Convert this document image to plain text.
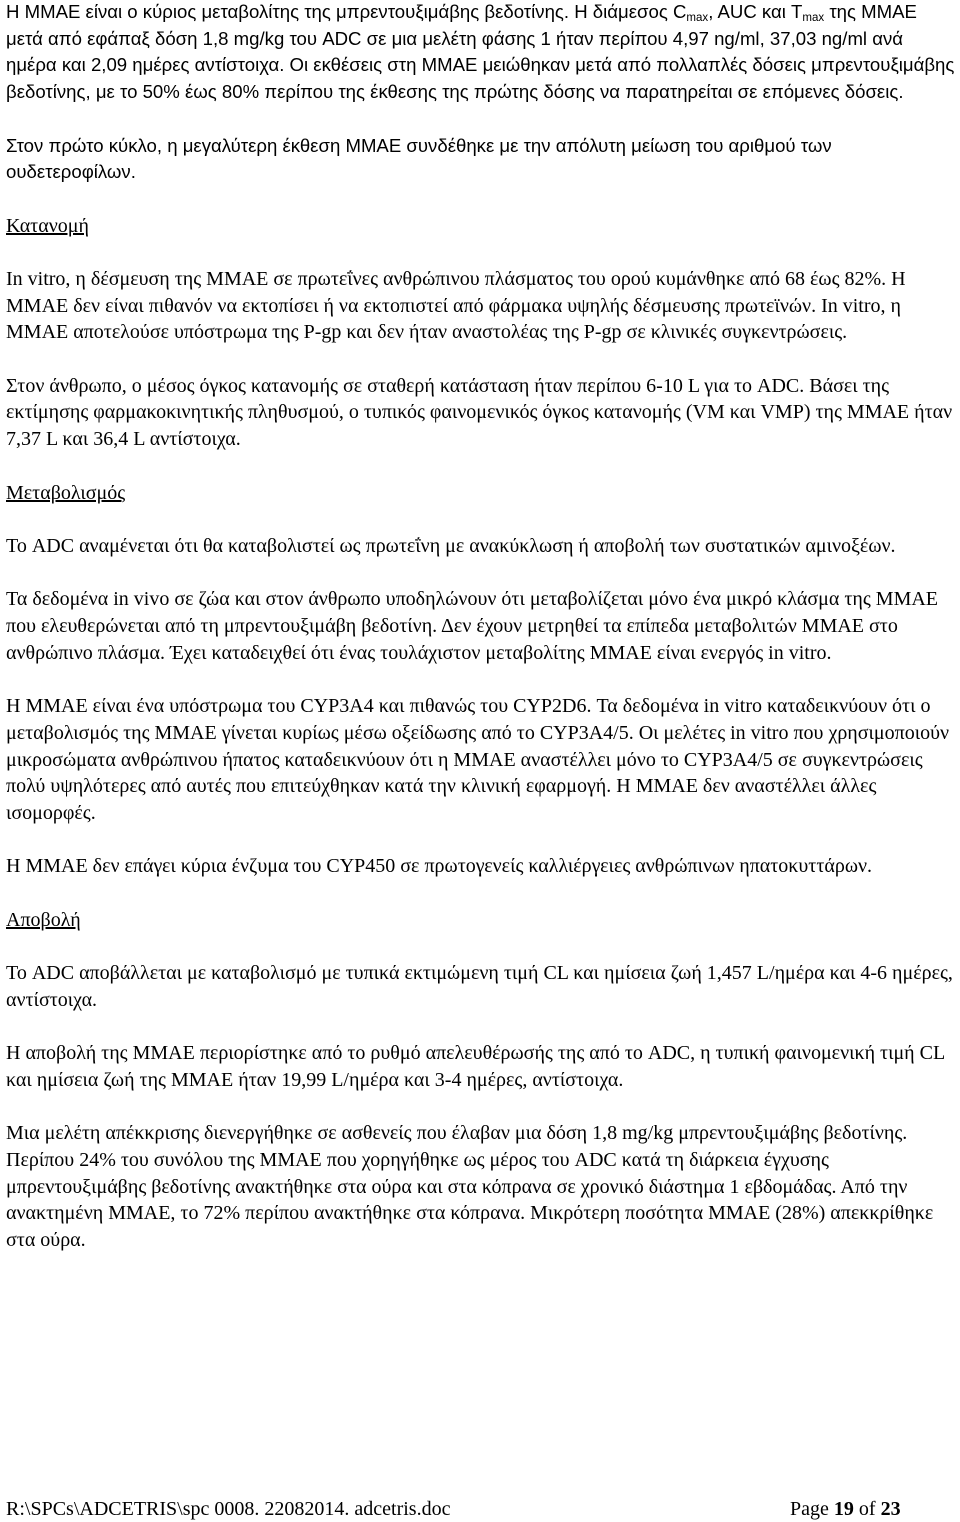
Η MMAE είναι ο κύριος μεταβολίτης της μπρεντουξιμάβης βεδοτίνης. Η διάμεσος $C_{max}$, AUC και $T_{max}$ της MMAE μετά από εφάπαξ δόση 1,8 mg/kg του ADC σε μια μελέτη φάσης 1 ήταν περίπου 4,97 ng/ml, 37,03 ng/ml ανά ημέρα και 2,09 ημέρες αντίστοιχα. Οι εκθέσεις στη MMAE μειώθηκαν μετά από πολλαπλές δόσεις μπρεντουξιμάβης βεδοτίνης, με το 50% έως 80% περίπου της έκθεσης της πρώτης δόσης να παρατηρείται σε επόμενες δόσεις.

Στον πρώτο κύκλο, η μεγαλύτερη έκθεση MMAE συνδέθηκε με την απόλυτη μείωση του αριθμού των ουδετεροφίλων.

Κατανομή

In vitro, η δέσμευση της MMAE σε πρωτεΐνες ανθρώπινου πλάσματος του ορού κυμάνθηκε από 68 έως 82%. Η MMAE δεν είναι πιθανόν να εκτοπίσει ή να εκτοπιστεί από φάρμακα υψηλής δέσμευσης πρωτεϊνών. In vitro, η MMAE αποτελούσε υπόστρωμα της P-gp και δεν ήταν αναστολέας της P-gp σε κλινικές συγκεντρώσεις.

Στον άνθρωπο, ο μέσος όγκος κατανομής σε σταθερή κατάσταση ήταν περίπου 6-10 L για το ADC. Βάσει της εκτίμησης φαρμακοκινητικής πληθυσμού, ο τυπικός φαινομενικός όγκος κατανομής (VM και VMP) της MMAE ήταν 7,37 L και 36,4 L αντίστοιχα.

Μεταβολισμός

Το ADC αναμένεται ότι θα καταβολιστεί ως πρωτεΐνη με ανακύκλωση ή αποβολή των συστατικών αμινοξέων.

Τα δεδομένα in vivo σε ζώα και στον άνθρωπο υποδηλώνουν ότι μεταβολίζεται μόνο ένα μικρό κλάσμα της MMAE που ελευθερώνεται από τη μπρεντουξιμάβη βεδοτίνη. Δεν έχουν μετρηθεί τα επίπεδα μεταβολιτών MMAE στο ανθρώπινο πλάσμα. Έχει καταδειχθεί ότι ένας τουλάχιστον μεταβολίτης MMAE είναι ενεργός in vitro.

Η MMAE είναι ένα υπόστρωμα του CYP3A4 και πιθανώς του CYP2D6. Τα δεδομένα in vitro καταδεικνύουν ότι ο μεταβολισμός της MMAE γίνεται κυρίως μέσω οξείδωσης από το CYP3A4/5. Οι μελέτες in vitro που χρησιμοποιούν μικροσώματα ανθρώπινου ήπατος καταδεικνύουν ότι η MMAE αναστέλλει μόνο το CYP3A4/5 σε συγκεντρώσεις πολύ υψηλότερες από αυτές που επιτεύχθηκαν κατά την κλινική εφαρμογή. Η MMAE δεν αναστέλλει άλλες ισομορφές.

Η MMAE δεν επάγει κύρια ένζυμα του CYP450 σε πρωτογενείς καλλιέργειες ανθρώπινων ηπατοκυττάρων.

Αποβολή

Το ADC αποβάλλεται με καταβολισμό με τυπικά εκτιμώμενη τιμή CL και ημίσεια ζωή 1,457 L/ημέρα και 4-6 ημέρες, αντίστοιχα.

Η αποβολή της MMAE περιορίστηκε από το ρυθμό απελευθέρωσής της από το ADC, η τυπική φαινομενική τιμή CL και ημίσεια ζωή της MMAE ήταν 19,99 L/ημέρα και 3-4 ημέρες, αντίστοιχα.

Μια μελέτη απέκκρισης διενεργήθηκε σε ασθενείς που έλαβαν μια δόση 1,8 mg/kg μπρεντουξιμάβης βεδοτίνης. Περίπου 24% του συνόλου της MMAE που χορηγήθηκε ως μέρος του ADC κατά τη διάρκεια έγχυσης μπρεντουξιμάβης βεδοτίνης ανακτήθηκε στα ούρα και στα κόπρανα σε χρονικό διάστημα 1 εβδομάδας. Από την ανακτημένη MMAE, το 72% περίπου ανακτήθηκε στα κόπρανα. Μικρότερη ποσότητα MMAE (28%) απεκκρίθηκε στα ούρα.

R:\SPCs\ADCETRIS\spc 0008. 22082014. adcetris.doc	Page 19 of 23
